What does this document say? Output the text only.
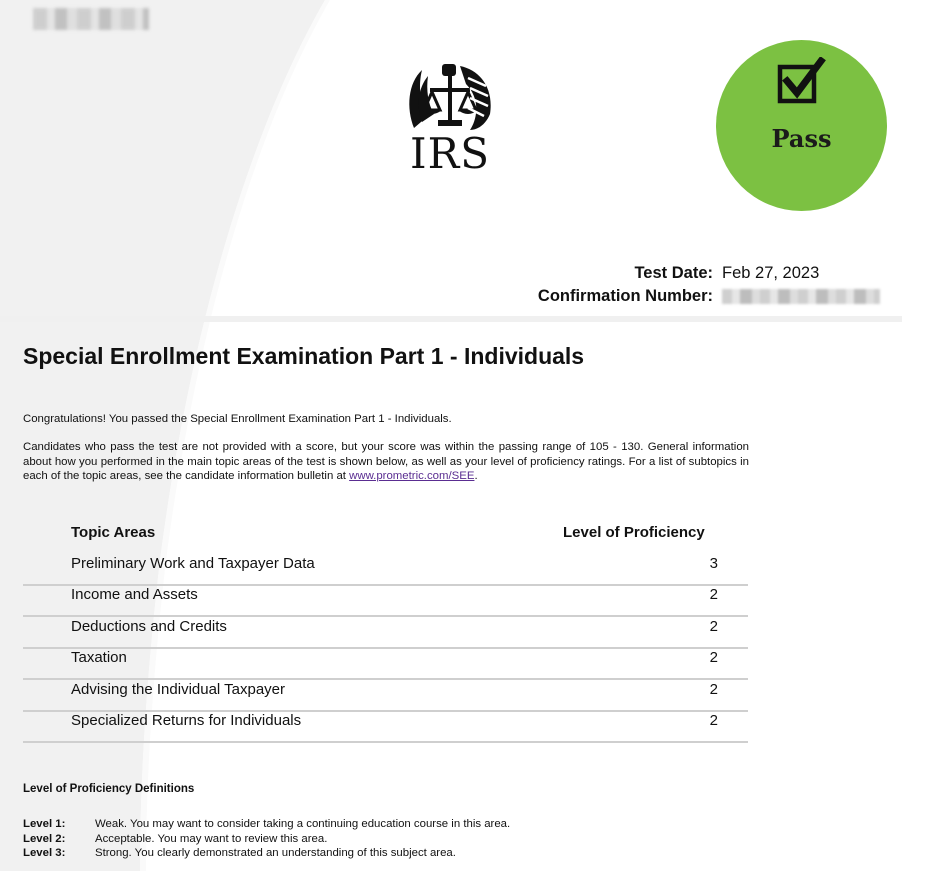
IRS	Pass
Test Date: Feb 27, 2023
Confirmation Number:
Special Enrollment Examination Part 1 - Individuals
Congratulations! You passed the Special Enrollment Examination Part 1 - Individuals.
Candidates who pass the test are not provided with a score, but your score was within the passing range of 105 - 130. General information about how you performed in the main topic areas of the test is shown below, as well as your level of proficiency ratings. For a list of subtopics in each of the topic areas, see the candidate information bulletin at www.prometric.com/SEE.
Topic Areas	Level of Proficiency
Preliminary Work and Taxpayer Data	3
Income and Assets	2
Deductions and Credits	2
Taxation	2
Advising the Individual Taxpayer	2
Specialized Returns for Individuals	2
Level of Proficiency Definitions
Level 1:	Weak. You may want to consider taking a continuing education course in this area.
Level 2:	Acceptable. You may want to review this area.
Level 3:	Strong. You clearly demonstrated an understanding of this subject area.
